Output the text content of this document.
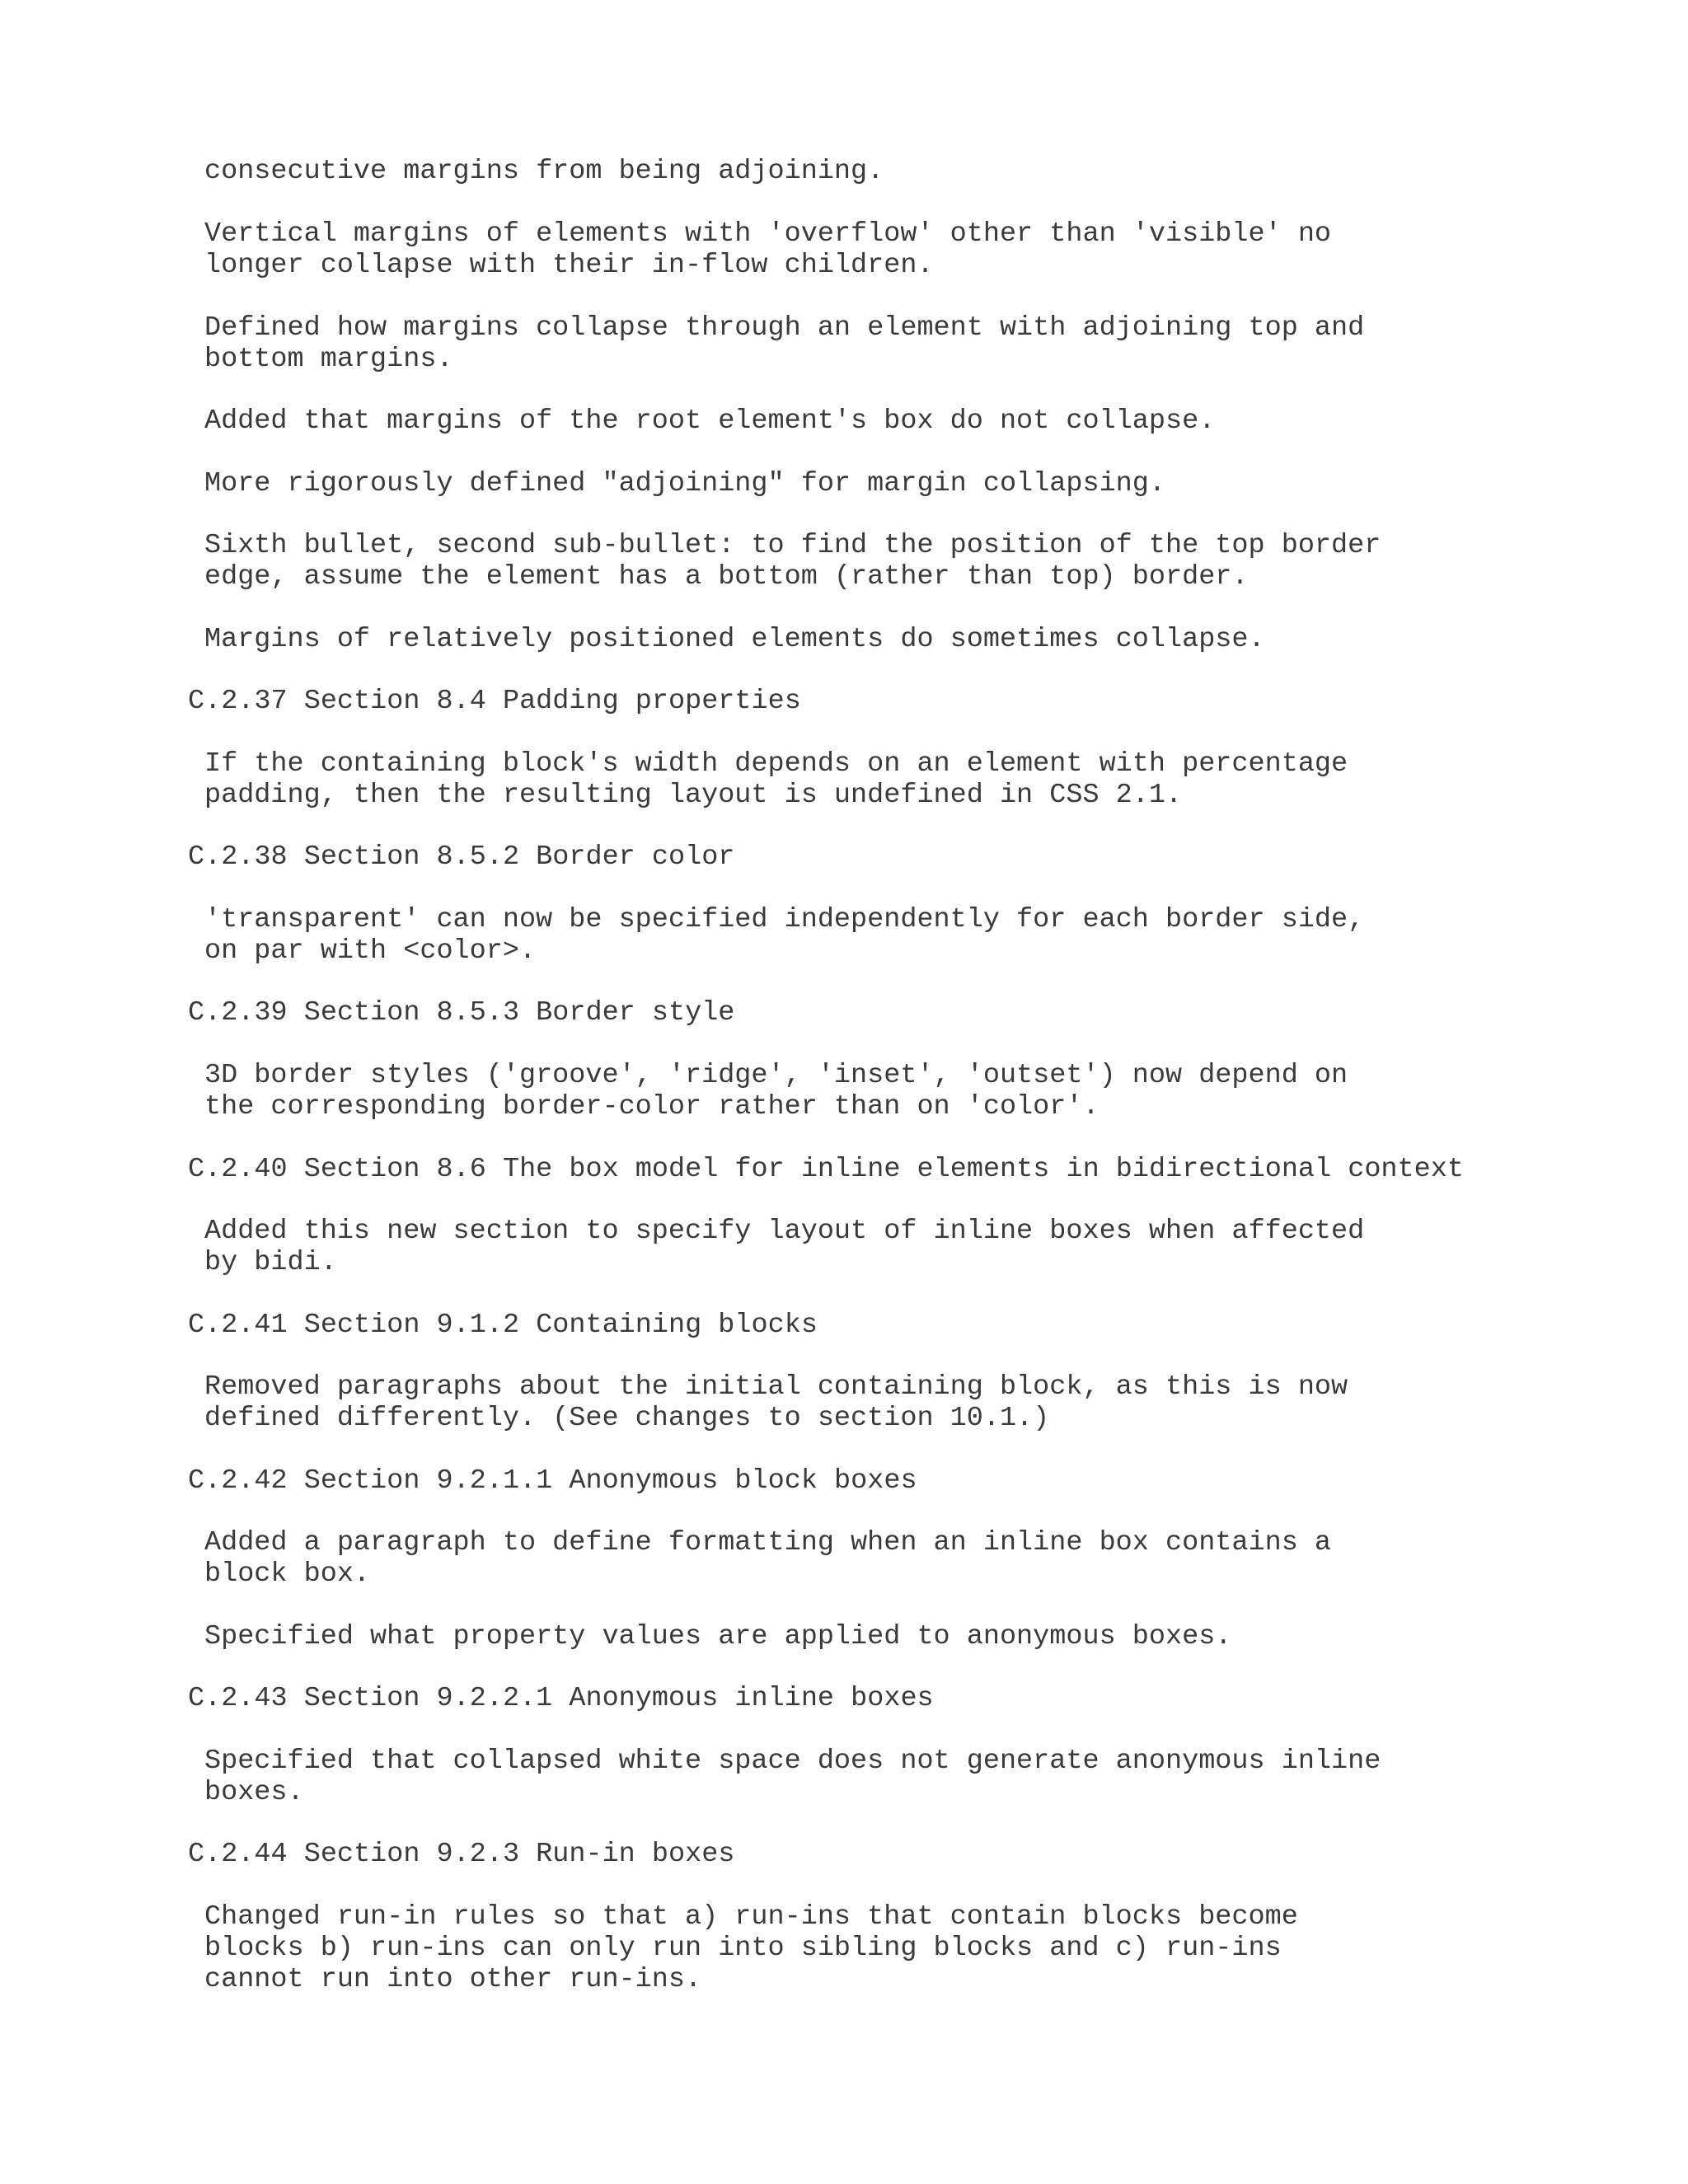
consecutive margins from being adjoining.
Vertical margins of elements with 'overflow' other than 'visible' no
longer collapse with their in-flow children.
Defined how margins collapse through an element with adjoining top and
bottom margins.
Added that margins of the root element's box do not collapse.
More rigorously defined "adjoining" for margin collapsing.
Sixth bullet, second sub-bullet: to find the position of the top border
edge, assume the element has a bottom (rather than top) border.
Margins of relatively positioned elements do sometimes collapse.
C.2.37 Section 8.4 Padding properties
If the containing block's width depends on an element with percentage
padding, then the resulting layout is undefined in CSS 2.1.
C.2.38 Section 8.5.2 Border color
'transparent' can now be specified independently for each border side,
on par with <color>.
C.2.39 Section 8.5.3 Border style
3D border styles ('groove', 'ridge', 'inset', 'outset') now depend on
the corresponding border-color rather than on 'color'.
C.2.40 Section 8.6 The box model for inline elements in bidirectional context
Added this new section to specify layout of inline boxes when affected
by bidi.
C.2.41 Section 9.1.2 Containing blocks
Removed paragraphs about the initial containing block, as this is now
defined differently. (See changes to section 10.1.)
C.2.42 Section 9.2.1.1 Anonymous block boxes
Added a paragraph to define formatting when an inline box contains a
block box.
Specified what property values are applied to anonymous boxes.
C.2.43 Section 9.2.2.1 Anonymous inline boxes
Specified that collapsed white space does not generate anonymous inline
boxes.
C.2.44 Section 9.2.3 Run-in boxes
Changed run-in rules so that a) run-ins that contain blocks become
blocks b) run-ins can only run into sibling blocks and c) run-ins
cannot run into other run-ins.
